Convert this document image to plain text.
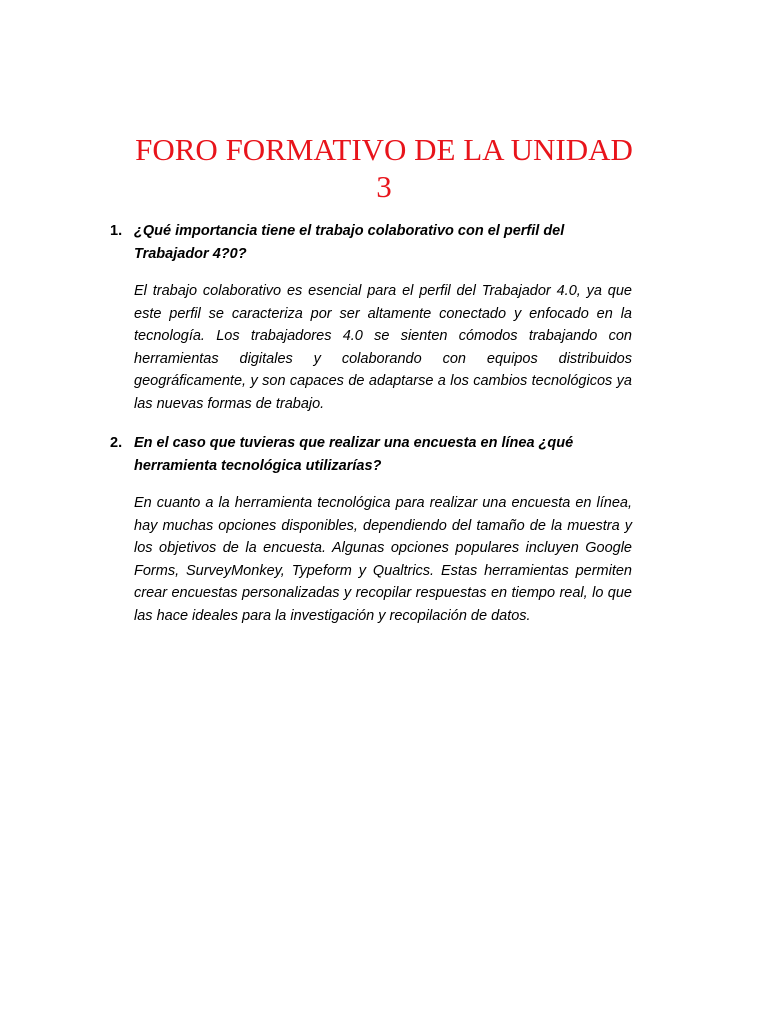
FORO FORMATIVO DE LA UNIDAD
3
1. ¿Qué importancia tiene el trabajo colaborativo con el perfil del Trabajador 4?0?

El trabajo colaborativo es esencial para el perfil del Trabajador 4.0, ya que este perfil se caracteriza por ser altamente conectado y enfocado en la tecnología. Los trabajadores 4.0 se sienten cómodos trabajando con herramientas digitales y colaborando con equipos distribuidos geográficamente, y son capaces de adaptarse a los cambios tecnológicos ya las nuevas formas de trabajo.

2. En el caso que tuvieras que realizar una encuesta en línea ¿qué herramienta tecnológica utilizarías?

En cuanto a la herramienta tecnológica para realizar una encuesta en línea, hay muchas opciones disponibles, dependiendo del tamaño de la muestra y los objetivos de la encuesta. Algunas opciones populares incluyen Google Forms, SurveyMonkey, Typeform y Qualtrics. Estas herramientas permiten crear encuestas personalizadas y recopilar respuestas en tiempo real, lo que las hace ideales para la investigación y recopilación de datos.
